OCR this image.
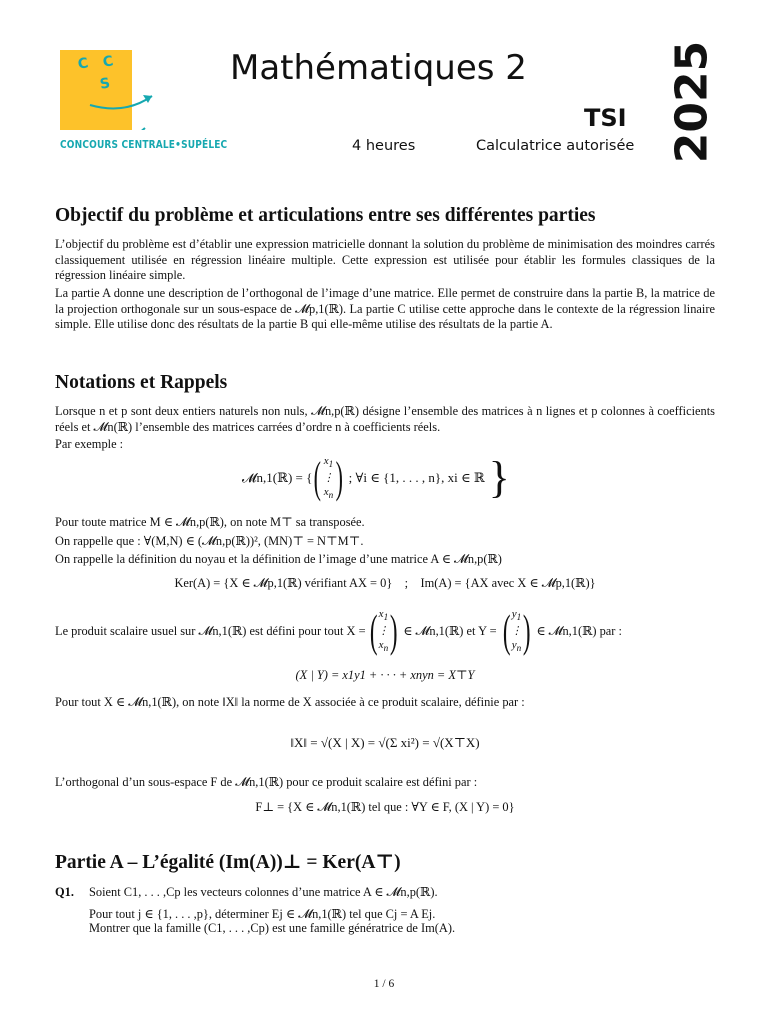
C C
S
CONCOURS CENTRALE•SUPÉLEC
Mathématiques 2
TSI
4 heures	Calculatrice autorisée 2025
Objectif du problème et articulations entre ses différentes parties
L’objectif du problème est d’établir une expression matricielle donnant la solution du problème de minimisation des moindres carrés classiquement utilisée en régression linéaire multiple. Cette expression est utilisée pour établir les formules classiques de la régression linéaire simple.
La partie A donne une description de l’orthogonal de l’image d’une matrice. Elle permet de construire dans la partie B, la matrice de la projection orthogonale sur un sous-espace de 𝓜p,1(ℝ). La partie C utilise cette approche dans le contexte de la régression linaire simple. Elle utilise donc des résultats de la partie B qui elle-même utilise des résultats de la partie A.
Notations et Rappels
Lorsque n et p sont deux entiers naturels non nuls, 𝓜n,p(ℝ) désigne l’ensemble des matrices à n lignes et p colonnes à coefficients réels et 𝓜n(ℝ) l’ensemble des matrices carrées d’ordre n à coefficients réels.
Par exemple :
𝓜n,1(ℝ) = { ( $x_1$
⋮
$x_n$ ) ; ∀i ∈ {1, . . . , n}, xi ∈ ℝ }
Pour toute matrice M ∈ 𝓜n,p(ℝ), on note M⊤ sa transposée.
On rappelle que : ∀(M,N) ∈ (𝓜n,p(ℝ))², (MN)⊤ = N⊤M⊤.
On rappelle la définition du noyau et la définition de l’image d’une matrice A ∈ 𝓜n,p(ℝ)
Ker(A) = {X ∈ 𝓜p,1(ℝ) vérifiant AX = 0}    ;    Im(A) = {AX avec X ∈ 𝓜p,1(ℝ)}
Le produit scalaire usuel sur 𝓜n,1(ℝ) est défini pour tout X = ( $x_1$
⋮
$x_n$ ) ∈ 𝓜n,1(ℝ) et Y = ( $y_1$
⋮
$y_n$ ) ∈ 𝓜n,1(ℝ) par :
(X | Y) = x1y1 + · · · + xnyn = X⊤Y
Pour tout X ∈ 𝓜n,1(ℝ), on note ‖X‖ la norme de X associée à ce produit scalaire, définie par :
‖X‖ = √(X | X) = √(Σ xi²) = √(X⊤X)
L’orthogonal d’un sous-espace F de 𝓜n,1(ℝ) pour ce produit scalaire est défini par :
F⊥ = {X ∈ 𝓜n,1(ℝ) tel que : ∀Y ∈ F, (X | Y) = 0}
Partie A – L’égalité (Im(A))⊥ = Ker(A⊤)
Q1. Soient C1, . . . ,Cp les vecteurs colonnes d’une matrice A ∈ 𝓜n,p(ℝ).
Pour tout j ∈ {1, . . . ,p}, déterminer Ej ∈ 𝓜n,1(ℝ) tel que Cj = A Ej.
Montrer que la famille (C1, . . . ,Cp) est une famille génératrice de Im(A).
1 / 6
